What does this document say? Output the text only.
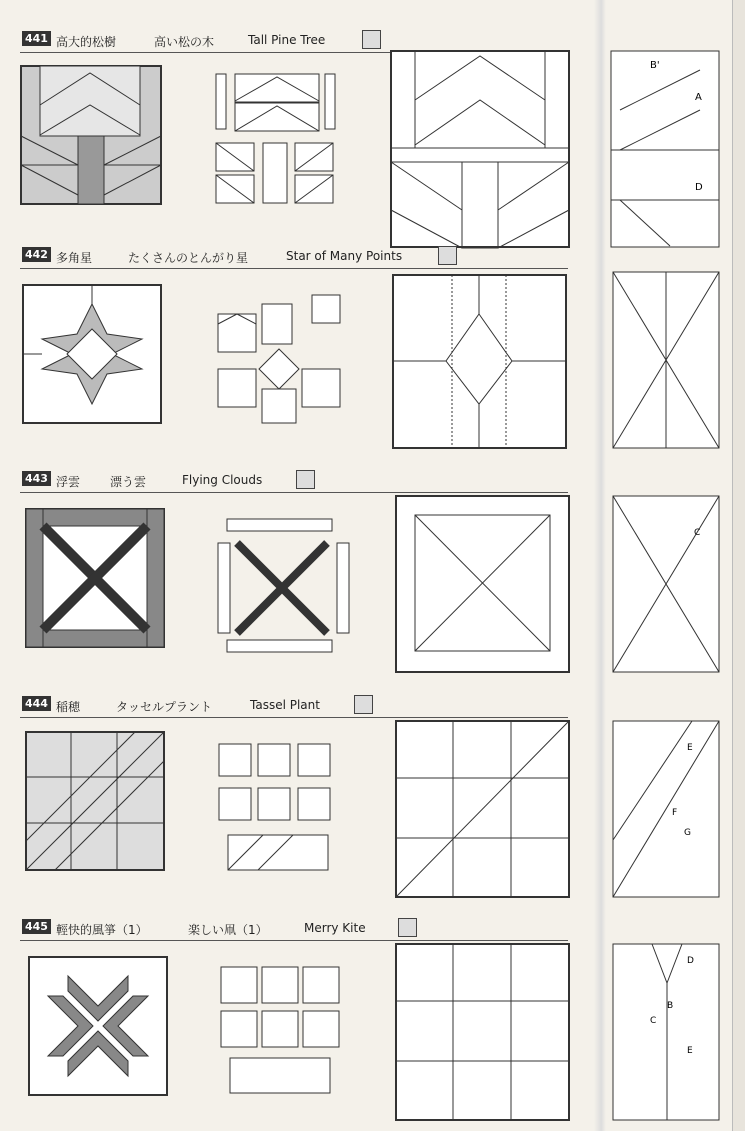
441 高大的松樹	高い松の木	Tall Pine Tree
B'
A
D
442 多角星	たくさんのとんがり星	Star of Many Points
443 浮雲 漂う雲	Flying Clouds
C
444 稲穂	タッセルプラント	Tassel Plant
E
F
G
445 輕快的風箏（1）	楽しい凧（1）	Merry Kite
D
B
C
E
